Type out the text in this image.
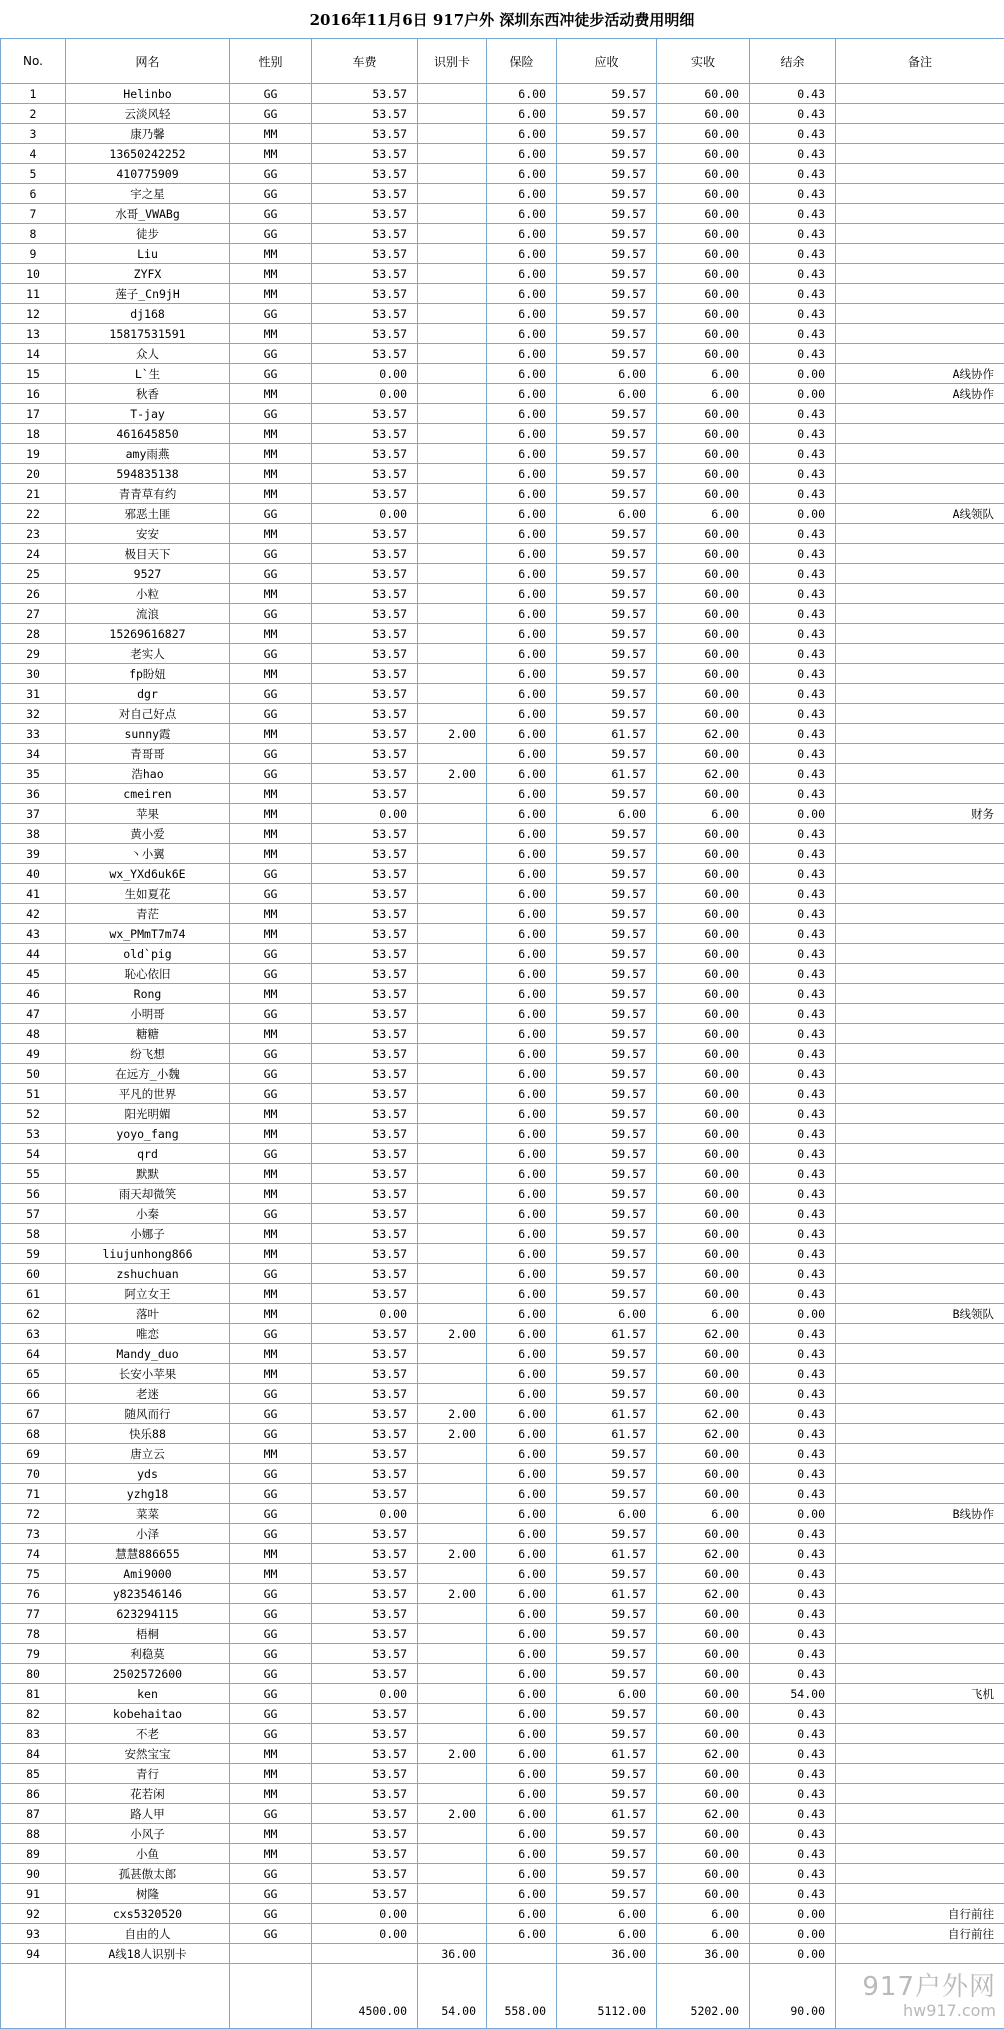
2016年11月6日 917户外 深圳东西冲徒步活动费用明细
No.	网名	性别	车费	识别卡	保险	应收	实收	结余	备注
1	Helinbo	GG	53.57		6.00	59.57	60.00	0.43	
2	云淡风轻	GG	53.57		6.00	59.57	60.00	0.43	
3	康乃馨	MM	53.57		6.00	59.57	60.00	0.43	
4	13650242252	MM	53.57		6.00	59.57	60.00	0.43	
5	410775909	GG	53.57		6.00	59.57	60.00	0.43	
6	宇之星	GG	53.57		6.00	59.57	60.00	0.43	
7	水哥_VWABg	GG	53.57		6.00	59.57	60.00	0.43	
8	徒步	GG	53.57		6.00	59.57	60.00	0.43	
9	Liu	MM	53.57		6.00	59.57	60.00	0.43	
10	ZYFX	MM	53.57		6.00	59.57	60.00	0.43	
11	莲子_Cn9jH	MM	53.57		6.00	59.57	60.00	0.43	
12	dj168	GG	53.57		6.00	59.57	60.00	0.43	
13	15817531591	MM	53.57		6.00	59.57	60.00	0.43	
14	众人	GG	53.57		6.00	59.57	60.00	0.43	
15	L`生	GG	0.00		6.00	6.00	6.00	0.00	A线协作
16	秋香	MM	0.00		6.00	6.00	6.00	0.00	A线协作
17	T-jay	GG	53.57		6.00	59.57	60.00	0.43	
18	461645850	MM	53.57		6.00	59.57	60.00	0.43	
19	amy雨燕	MM	53.57		6.00	59.57	60.00	0.43	
20	594835138	MM	53.57		6.00	59.57	60.00	0.43	
21	青青草有约	MM	53.57		6.00	59.57	60.00	0.43	
22	邪恶土匪	GG	0.00		6.00	6.00	6.00	0.00	A线领队
23	安安	MM	53.57		6.00	59.57	60.00	0.43	
24	极目天下	GG	53.57		6.00	59.57	60.00	0.43	
25	9527	GG	53.57		6.00	59.57	60.00	0.43	
26	小粒	MM	53.57		6.00	59.57	60.00	0.43	
27	流浪	GG	53.57		6.00	59.57	60.00	0.43	
28	15269616827	MM	53.57		6.00	59.57	60.00	0.43	
29	老实人	GG	53.57		6.00	59.57	60.00	0.43	
30	fp盼妞	MM	53.57		6.00	59.57	60.00	0.43	
31	dgr	GG	53.57		6.00	59.57	60.00	0.43	
32	对自己好点	GG	53.57		6.00	59.57	60.00	0.43	
33	sunny霞	MM	53.57	2.00	6.00	61.57	62.00	0.43	
34	青哥哥	GG	53.57		6.00	59.57	60.00	0.43	
35	浩hao	GG	53.57	2.00	6.00	61.57	62.00	0.43	
36	cmeiren	MM	53.57		6.00	59.57	60.00	0.43	
37	苹果	MM	0.00		6.00	6.00	6.00	0.00	财务
38	黄小爱	MM	53.57		6.00	59.57	60.00	0.43	
39	丶小翼	MM	53.57		6.00	59.57	60.00	0.43	
40	wx_YXd6uk6E	GG	53.57		6.00	59.57	60.00	0.43	
41	生如夏花	GG	53.57		6.00	59.57	60.00	0.43	
42	青茫	MM	53.57		6.00	59.57	60.00	0.43	
43	wx_PMmT7m74	MM	53.57		6.00	59.57	60.00	0.43	
44	old`pig	GG	53.57		6.00	59.57	60.00	0.43	
45	恥心依旧	GG	53.57		6.00	59.57	60.00	0.43	
46	Rong	MM	53.57		6.00	59.57	60.00	0.43	
47	小明哥	GG	53.57		6.00	59.57	60.00	0.43	
48	糖糖	MM	53.57		6.00	59.57	60.00	0.43	
49	纷飞想	GG	53.57		6.00	59.57	60.00	0.43	
50	在远方_小魏	GG	53.57		6.00	59.57	60.00	0.43	
51	平凡的世界	GG	53.57		6.00	59.57	60.00	0.43	
52	阳光明媚	MM	53.57		6.00	59.57	60.00	0.43	
53	yoyo_fang	MM	53.57		6.00	59.57	60.00	0.43	
54	qrd	GG	53.57		6.00	59.57	60.00	0.43	
55	默默	MM	53.57		6.00	59.57	60.00	0.43	
56	雨天却微笑	MM	53.57		6.00	59.57	60.00	0.43	
57	小秦	GG	53.57		6.00	59.57	60.00	0.43	
58	小娜子	MM	53.57		6.00	59.57	60.00	0.43	
59	liujunhong866	MM	53.57		6.00	59.57	60.00	0.43	
60	zshuchuan	GG	53.57		6.00	59.57	60.00	0.43	
61	阿立女王	MM	53.57		6.00	59.57	60.00	0.43	
62	落叶	MM	0.00		6.00	6.00	6.00	0.00	B线领队
63	唯恋	GG	53.57	2.00	6.00	61.57	62.00	0.43	
64	Mandy_duo	MM	53.57		6.00	59.57	60.00	0.43	
65	长安小苹果	MM	53.57		6.00	59.57	60.00	0.43	
66	老迷	GG	53.57		6.00	59.57	60.00	0.43	
67	随风而行	GG	53.57	2.00	6.00	61.57	62.00	0.43	
68	快乐88	GG	53.57	2.00	6.00	61.57	62.00	0.43	
69	唐立云	MM	53.57		6.00	59.57	60.00	0.43	
70	yds	GG	53.57		6.00	59.57	60.00	0.43	
71	yzhg18	GG	53.57		6.00	59.57	60.00	0.43	
72	菜菜	GG	0.00		6.00	6.00	6.00	0.00	B线协作
73	小泽	GG	53.57		6.00	59.57	60.00	0.43	
74	慧慧886655	MM	53.57	2.00	6.00	61.57	62.00	0.43	
75	Ami9000	MM	53.57		6.00	59.57	60.00	0.43	
76	y823546146	GG	53.57	2.00	6.00	61.57	62.00	0.43	
77	623294115	GG	53.57		6.00	59.57	60.00	0.43	
78	梧桐	GG	53.57		6.00	59.57	60.00	0.43	
79	利稳莫	GG	53.57		6.00	59.57	60.00	0.43	
80	2502572600	GG	53.57		6.00	59.57	60.00	0.43	
81	ken	GG	0.00		6.00	6.00	60.00	54.00	飞机
82	kobehaitao	GG	53.57		6.00	59.57	60.00	0.43	
83	不老	GG	53.57		6.00	59.57	60.00	0.43	
84	安然宝宝	MM	53.57	2.00	6.00	61.57	62.00	0.43	
85	青行	MM	53.57		6.00	59.57	60.00	0.43	
86	花若闲	MM	53.57		6.00	59.57	60.00	0.43	
87	路人甲	GG	53.57	2.00	6.00	61.57	62.00	0.43	
88	小风子	MM	53.57		6.00	59.57	60.00	0.43	
89	小鱼	MM	53.57		6.00	59.57	60.00	0.43	
90	孤甚傲太郎	GG	53.57		6.00	59.57	60.00	0.43	
91	树隆	GG	53.57		6.00	59.57	60.00	0.43	
92	cxs5320520	GG	0.00		6.00	6.00	6.00	0.00	自行前往
93	自由的人	GG	0.00		6.00	6.00	6.00	0.00	自行前往
94	A线18人识别卡			36.00		36.00	36.00	0.00	
			4500.00	54.00	558.00	5112.00	5202.00	90.00	
917户外网
hw917.com
